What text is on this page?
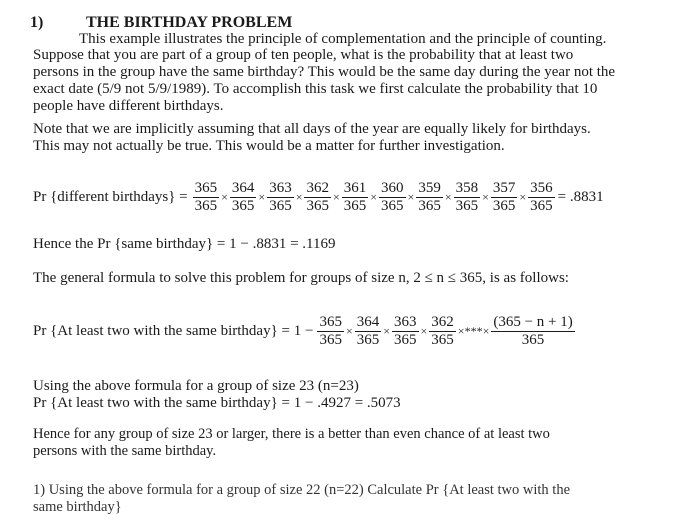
1)	THE BIRTHDAY PROBLEM
This example illustrates the principle of complementation and the principle of counting.
Suppose that you are part of a group of ten people, what is the probability that at least two
persons in the group have the same birthday? This would be the same day during the year not the
exact date (5/9 not 5/9/1989). To accomplish this task we first calculate the probability that 10
people have different birthdays.
Note that we are implicitly assuming that all days of the year are equally likely for birthdays.
This may not actually be true. This would be a matter for further investigation.
Pr {different birthdays} = $\frac{365}{365} \times \frac{364}{365} \times \frac{363}{365} \times \frac{362}{365} \times \frac{361}{365} \times \frac{360}{365} \times \frac{359}{365} \times \frac{358}{365} \times \frac{357}{365} \times \frac{356}{365} = .8831$
Hence the Pr {same birthday} = 1 − .8831 = .1169
The general formula to solve this problem for groups of size n, 2 ≤ n ≤ 365, is as follows:
Pr {At least two with the same birthday} = $1 - \frac{365}{365} \times \frac{364}{365} \times \frac{363}{365} \times \frac{362}{365}$ ×***× $\frac{(365 - n + 1)}{365}$
Using the above formula for a group of size 23 (n=23)
Pr {At least two with the same birthday} = 1 − .4927 = .5073
Hence for any group of size 23 or larger, there is a better than even chance of at least two
persons with the same birthday.
1) Using the above formula for a group of size 22 (n=22) Calculate Pr {At least two with the
same birthday}
